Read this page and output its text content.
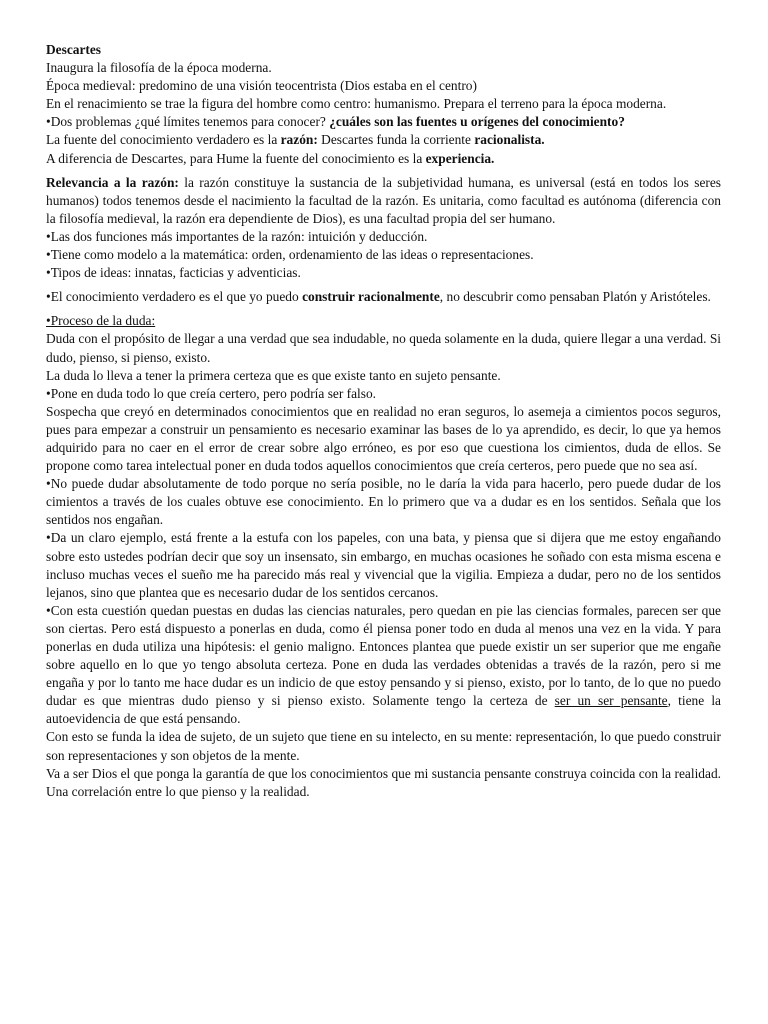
Descartes

Inaugura la filosofía de la época moderna.

Época medieval: predomino de una visión teocentrista (Dios estaba en el centro)

En el renacimiento se trae la figura del hombre como centro: humanismo. Prepara el terreno para la época moderna.

•Dos problemas ¿qué límites tenemos para conocer? ¿cuáles son las fuentes u orígenes del conocimiento?

La fuente del conocimiento verdadero es la razón: Descartes funda la corriente racionalista.

A diferencia de Descartes, para Hume la fuente del conocimiento es la experiencia.

Relevancia a la razón: la razón constituye la sustancia de la subjetividad humana, es universal (está en todos los seres humanos) todos tenemos desde el nacimiento la facultad de la razón. Es unitaria, como facultad es autónoma (diferencia con la filosofía medieval, la razón era dependiente de Dios), es una facultad propia del ser humano.

•Las dos funciones más importantes de la razón: intuición y deducción.

•Tiene como modelo a la matemática: orden, ordenamiento de las ideas o representaciones.

•Tipos de ideas: innatas, facticias y adventicias.

•El conocimiento verdadero es el que yo puedo construir racionalmente, no descubrir como pensaban Platón y Aristóteles.

•Proceso de la duda:

Duda con el propósito de llegar a una verdad que sea indudable, no queda solamente en la duda, quiere llegar a una verdad. Si dudo, pienso, si pienso, existo.

La duda lo lleva a tener la primera certeza que es que existe tanto en sujeto pensante.

•Pone en duda todo lo que creía certero, pero podría ser falso.

Sospecha que creyó en determinados conocimientos que en realidad no eran seguros, lo asemeja a cimientos pocos seguros, pues para empezar a construir un pensamiento es necesario examinar las bases de lo ya aprendido, es decir, lo que ya hemos adquirido para no caer en el error de crear sobre algo erróneo, es por eso que cuestiona los cimientos, duda de ellos. Se propone como tarea intelectual poner en duda todos aquellos conocimientos que creía certeros, pero puede que no sea así.

•No puede dudar absolutamente de todo porque no sería posible, no le daría la vida para hacerlo, pero puede dudar de los cimientos a través de los cuales obtuve ese conocimiento. En lo primero que va a dudar es en los sentidos. Señala que los sentidos nos engañan.

•Da un claro ejemplo, está frente a la estufa con los papeles, con una bata, y piensa que si dijera que me estoy engañando sobre esto ustedes podrían decir que soy un insensato, sin embargo, en muchas ocasiones he soñado con esta misma escena e incluso muchas veces el sueño me ha parecido más real y vivencial que la vigilia. Empieza a dudar, pero no de los sentidos lejanos, sino que plantea que es necesario dudar de los sentidos cercanos.

•Con esta cuestión quedan puestas en dudas las ciencias naturales, pero quedan en pie las ciencias formales, parecen ser que son ciertas. Pero está dispuesto a ponerlas en duda, como él piensa poner todo en duda al menos una vez en la vida. Y para ponerlas en duda utiliza una hipótesis: el genio maligno. Entonces plantea que puede existir un ser superior que me engañe sobre aquello en lo que yo tengo absoluta certeza. Pone en duda las verdades obtenidas a través de la razón, pero si me engaña y por lo tanto me hace dudar es un indicio de que estoy pensando y si pienso, existo, por lo tanto, de lo que no puedo dudar es que mientras dudo pienso y si pienso existo. Solamente tengo la certeza de ser un ser pensante, tiene la autoevidencia de que está pensando.

Con esto se funda la idea de sujeto, de un sujeto que tiene en su intelecto, en su mente: representación, lo que puedo construir son representaciones y son objetos de la mente.

Va a ser Dios el que ponga la garantía de que los conocimientos que mi sustancia pensante construya coincida con la realidad. Una correlación entre lo que pienso y la realidad.
